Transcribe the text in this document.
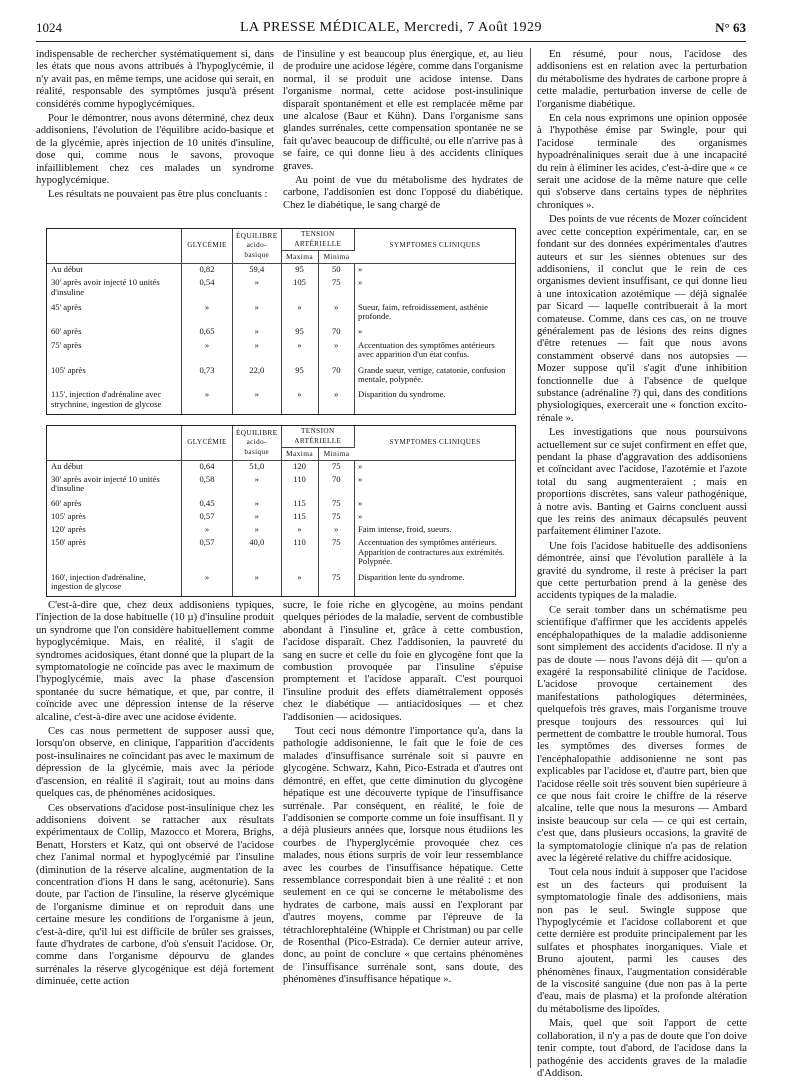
1024	LA PRESSE MÉDICALE, Mercredi, 7 Août 1929	N° 63

indispensable de rechercher systématiquement si, dans les états que nous avons attribués à l'hypoglycémie, il n'y avait pas, en même temps, une acidose qui serait, en réalité, responsable des symptômes jusqu'à présent considérés comme hypoglycémiques.

Pour le démontrer, nous avons déterminé, chez deux addisoniens, l'évolution de l'équilibre acido-basique et de la glycémie, après injection de 10 unités d'insuline, dose qui, comme nous le savons, provoque infailliblement chez ces malades un syndrome hypoglycémique.

Les résultats ne pouvaient pas être plus concluants :

de l'insuline y est beaucoup plus énergique, et, au lieu de produire une acidose légère, comme dans l'organisme normal, il se produit une acidose intense. Dans l'organisme normal, cette acidose post-insulinique disparaît spontanément et elle est remplacée même par une alcalose (Baur et Kühn). Dans l'organisme sans glandes surrénales, cette compensation spontanée ne se fait qu'avec beaucoup de difficulté, ou elle n'arrive pas à se faire, ce qui donne lieu à des accidents cliniques graves.

Au point de vue du métabolisme des hydrates de carbone, l'addisonien est donc l'opposé du diabétique. Chez le diabétique, le sang chargé de

	GLYCÉMIE	ÉQUILIBRE acido-basique	TENSION ARTÉRIELLE		SYMPTOMES CLINIQUES
			Maxima	Minima	
Au début	0,82	59,4	95	50	»
30' après avoir injecté 10 unités d'insuline	0,54	»	105	75	»
45' après	»	»	»	»	Sueur, faim, refroidissement, asthénie profonde.
60' après	0,65	»	95	70	»
75' après	»	»	»	»	Accentuation des symptômes antérieurs avec apparition d'un état confus.
105' après	0,73	22,0	95	70	Grande sueur, vertige, catatonie, confusion mentale, polypnée.
115', injection d'adrénaline avec strychnine, ingestion de glycose	»	»	»	»	Disparition du syndrome.
	GLYCÉMIE	ÉQUILIBRE acido-basique	TENSION ARTÉRIELLE		SYMPTOMES CLINIQUES
			Maxima	Minima	
Au début	0,64	51,0	120	75	»
30' après avoir injecté 10 unités d'insuline	0,58	»	110	70	»
60' après	0,45	»	115	75	»
105' après	0,57	»	115	75	»
120' après	»	»	»	»	Faim intense, froid, sueurs.
150' après	0,57	40,0	110	75	Accentuation des symptômes antérieurs. Apparition de contractures aux extrémités. Polypnée.
160', injection d'adrénaline, ingestion de glycose	»	»	»	75	Disparition lente du syndrome.

C'est-à-dire que, chez deux addisoniens typiques, l'injection de la dose habituelle (10 µ) d'insuline produit un syndrome que l'on considère habituellement comme hypoglycémique. Mais, en réalité, il s'agit de syndromes acidosiques, étant donné que la plupart de la symptomatologie ne coïncide pas avec le maximum de l'hypoglycémie, mais avec la phase d'ascension spontanée du sucre hématique, et que, par contre, il coïncide avec une dépression intense de la réserve alcaline, c'est-à-dire avec une acidose évidente.

Ces cas nous permettent de supposer aussi que, lorsqu'on observe, en clinique, l'apparition d'accidents post-insulinaires ne coïncidant pas avec le maximum de dépression de la glycémie, mais avec la période d'ascension, en réalité il s'agirait, tout au moins dans quelques cas, de phénomènes acidosiques.

Ces observations d'acidose post-insulinique chez les addisoniens doivent se rattacher aux résultats expérimentaux de Collip, Mazocco et Morera, Brighs, Benatt, Horsters et Katz, qui ont observé de l'acidose chez l'animal normal et hypoglycémié par l'insuline (diminution de la réserve alcaline, augmentation de la concentration d'ions H dans le sang, acétonurie). Sans doute, par l'action de l'insuline, la réserve glycémique de l'organisme diminue et on reproduit dans une certaine mesure les conditions de l'organisme à jeun, c'est-à-dire, qu'il lui est difficile de brûler ses graisses, faute d'hydrates de carbone, d'où s'ensuit l'acidose. Or, comme dans l'organisme dépourvu de glandes surrénales la réserve glycogénique est déjà fortement diminuée, cette action

sucre, le foie riche en glycogène, au moins pendant quelques périodes de la maladie, servent de combustible abondant à l'insuline et, grâce à cette combustion, l'acidose disparaît. Chez l'addisonien, la pauvreté du sang en sucre et celle du foie en glycogène font que la combustion provoquée par l'insuline s'épuise promptement et l'acidose apparaît. C'est pourquoi l'insuline produit des effets diamétralement opposés chez le diabétique — antiacidosiques — et chez l'addisonien — acidosiques.

Tout ceci nous démontre l'importance qu'a, dans la pathologie addisonienne, le fait que le foie de ces malades d'insuffisance surrénale soit si pauvre en glycogène. Schwarz, Kahn, Pico-Estrada et d'autres ont démontré, en effet, que cette diminution du glycogène hépatique est une découverte typique de l'insuffisance surrénale. Par conséquent, en réalité, le foie de l'addisonien se comporte comme un foie insuffisant. Il y a déjà plusieurs années que, lorsque nous étudiions les courbes de l'hyperglycémie provoquée chez ces malades, nous étions surpris de voir leur ressemblance avec les courbes de l'insuffisance hépatique. Cette ressemblance correspondait bien à une réalité : et non seulement en ce qui se concerne le métabolisme des hydrates de carbone, mais aussi en l'explorant par d'autres moyens, comme par l'épreuve de la tétrachlorephtaléine (Whipple et Christman) ou par celle de Rosenthal (Pico-Estrada). Ce dernier auteur arrive, donc, au point de conclure « que certains phénomènes de l'insuffisance surrénale sont, sans doute, des phénomènes d'insuffisance hépatique ».

En résumé, pour nous, l'acidose des addisoniens est en relation avec la perturbation du métabolisme des hydrates de carbone propre à cette maladie, perturbation inverse de celle de l'organisme diabétique.

En cela nous exprimons une opinion opposée à l'hypothèse émise par Swingle, pour qui l'acidose terminale des organismes hypoadrénaliniques serait due à une incapacité du rein à éliminer les acides, c'est-à-dire que « ce serait une acidose de la même nature que celle qui s'observe dans certains types de néphrites chroniques ».

Des points de vue récents de Mozer coïncident avec cette conception expérimentale, car, en se fondant sur des données expérimentales d'autres auteurs et sur les siennes obtenues sur des addisoniens, il conclut que le rein de ces organismes devient insuffisant, ce qui donne lieu à une intoxication azotémique — déjà signalée par Sicard — laquelle contribuerait à la mort comateuse. Comme, dans ces cas, on ne trouve généralement pas de lésions des reins dignes d'être retenues — fait que nous avons constamment observé dans nos autopsies — Mozer suppose qu'il s'agit d'une inhibition fonctionnelle due à l'absence de quelque substance (adrénaline ?) qui, dans des conditions physiologiques, exercerait une « fonction excito-rénale ».

Les investigations que nous poursuivons actuellement sur ce sujet confirment en effet que, pendant la phase d'aggravation des addisoniens et coïncidant avec l'acidose, l'azotémie et l'azote total du sang augmenteraient ; mais en proportions discrètes, sans valeur pathogénique, à notre avis. Banting et Gairns concluent aussi que les reins des animaux décapsulés peuvent parfaitement éliminer l'azote.

Une fois l'acidose habituelle des addisoniens démontrée, ainsi que l'évolution parallèle à la gravité du syndrome, il reste à préciser la part que cette perturbation prend à la genèse des accidents typiques de la maladie.

Ce serait tomber dans un schématisme peu scientifique d'affirmer que les accidents appelés encéphalopathiques de la maladie addisonienne sont simplement des accidents d'acidose. Il n'y a pas de doute — nous l'avons déjà dit — qu'on a exagéré la responsabilité clinique de l'acidose. L'acidose provoque certainement des manifestations pathologiques déterminées, quelquefois très graves, mais l'organisme trouve presque toujours des ressources qui lui permettent de combattre le trouble humoral. Tous les symptômes des diverses formes de l'encéphalopathie addisonienne ne sont pas explicables par l'acidose et, d'autre part, bien que l'acidose réelle soit très souvent bien supérieure à ce que nous fait croire le chiffre de la réserve alcaline, telle que nous la mesurons — Ambard insiste beaucoup sur cela — ce qui est certain, c'est que, dans plusieurs occasions, la gravité de la symptomatologie clinique n'a pas de relation avec la légèreté relative du chiffre acidosique.

Tout cela nous induit à supposer que l'acidose est un des facteurs qui produisent la symptomatologie finale des addisoniens, mais non pas le seul. Swingle suppose que l'hypoglycémie et l'acidose collaborent et que cette dernière est produite principalement par les sulfates et phosphates inorganiques. Viale et Bruno ajoutent, parmi les causes des phénomènes finaux, l'augmentation considérable de la viscosité sanguine (due non pas à la perte d'eau, mais de plasma) et la profonde altération du métabolisme des lipoïdes.

Mais, quel que soit l'apport de cette collaboration, il n'y a pas de doute que l'on doive tenir compte, tout d'abord, de l'acidose dans la pathogénie des accidents graves de la maladie d'Addison.
